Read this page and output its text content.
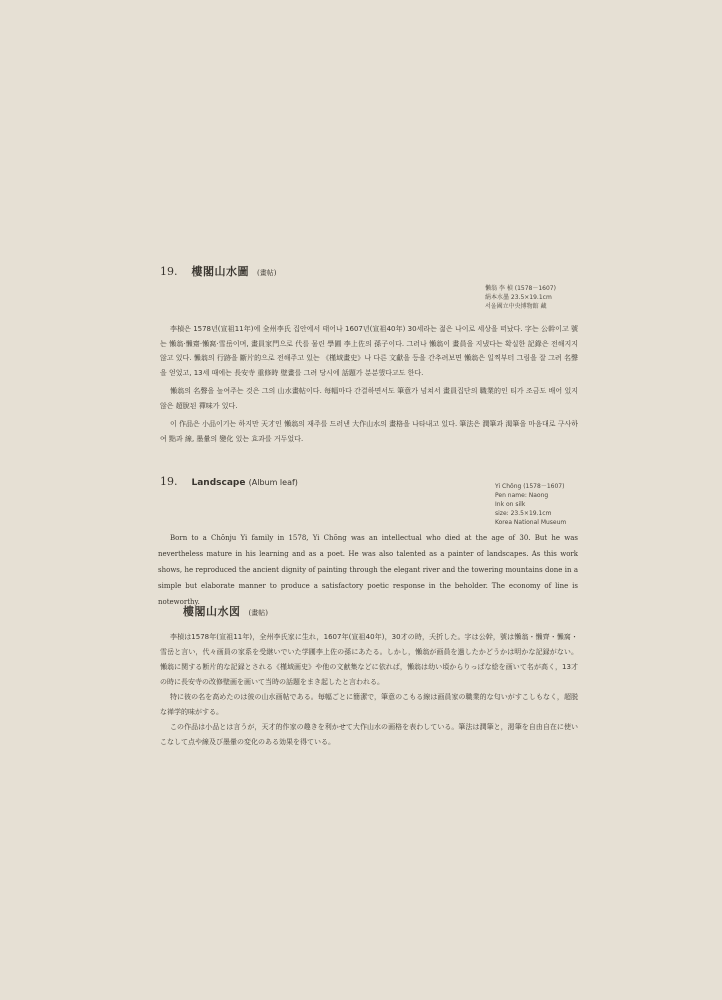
19. 樓閣山水圖 (畫帖)
懶翁 李 楨 (1578－1607)
絹本水墨 23.5×19.1cm
서울國立中央博物館 藏

李楨은 1578년(宣祖11年)에 全州李氏 집안에서 태어나 1607년(宣祖40年) 30세라는 젊은 나이로 세상을 떠났다. 字는 公幹이고 號는 懶翁·懶齋·懶窩·雪岳이며, 畫員家門으로 代를 물린 學圃 李上佐의 孫子이다. 그러나 懶翁이 畫員을 지냈다는 확실한 記錄은 전해지지 않고 있다. 懶翁의 行跡을 斷片的으로 전해주고 있는 《槿域畫史》나 다른 文獻을 등을 간추려보면 懶翁은 일찍부터 그림을 잘 그려 名聲을 얻었고, 13세 때에는 長安寺 重修時 壁畫를 그려 당시에 話題가 분분했다고도 한다.

懶翁의 名聲을 높여주는 것은 그의 山水畫帖이다. 每幅마다 간결하면서도 筆意가 넘쳐서 畫員집단의 職業的인 티가 조금도 배어 있지 않은 超脫된 禪味가 있다.

이 作品은 小品이기는 하지만 天才인 懶翁의 재주를 드러낸 大作山水의 畫格을 나타내고 있다. 筆法은 潤筆과 渴筆을 마음대로 구사하여 點과 線, 墨暈의 變化 있는 효과를 거두었다.

19. Landscape (Album leaf)	Yi Chŏng (1578－1607)
Pen name: Naong
Ink on silk
size: 23.5×19.1cm
Korea National Museum

Born to a Chŏnju Yi family in 1578, Yi Chŏng was an intellectual who died at the age of 30. But he was nevertheless mature in his learning and as a poet. He was also talented as a painter of landscapes. As this work shows, he reproduced the ancient dignity of painting through the elegant river and the towering mountains done in a simple but elaborate manner to produce a satisfactory poetic response in the beholder. The economy of line is noteworthy.

樓閣山水図 (畫帖)

李楨は1578年(宣祖11年)，全州李氏家に生れ，1607年(宣祖40年)，30才の時，夭折した。字は公幹，號は懶翁・懶齊・懶窩・雪岳と言い，代々画員の家系を受継いでいた学圃李上佐の孫にあたる。しかし，懶翁が画員を過したかどうかは明かな記録がない。懶翁に関する断片的な記録とされる《槿域画史》や他の文献集などに依れば，懶翁は幼い頃からりっぱな絵を画いて名が高く，13才の時に長安寺の改修壁画を画いて当時の話題をまき起したと言われる。

特に彼の名を高めたのは彼の山水画帖である。毎幅ごとに簡潔で，筆意のこもる線は画員家の職業的な匂いがすこしもなく，超脱な禅学的味がする。

この作品は小品とは言うが，天才的作家の趣きを利かせて大作山水の画格を表わしている。筆法は潤筆と，渇筆を自由自在に使いこなして点や線及び墨暈の変化のある効果を得ている。
